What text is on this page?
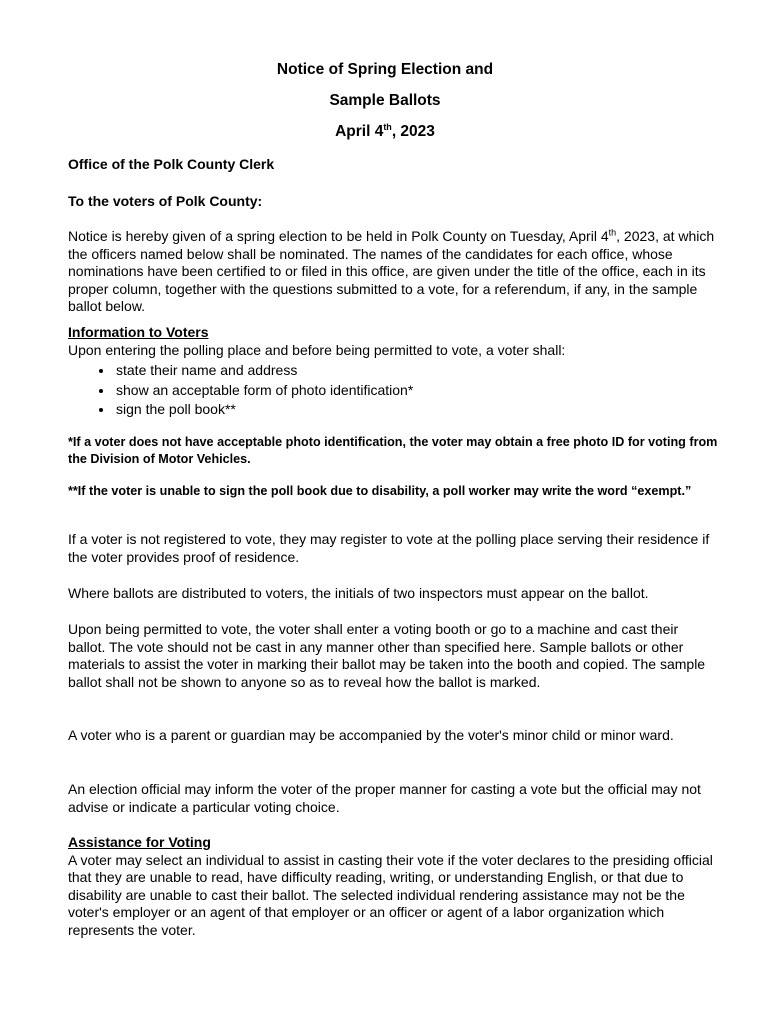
Notice of Spring Election and
Sample Ballots
April 4th, 2023
Office of the Polk County Clerk
To the voters of Polk County:
Notice is hereby given of a spring election to be held in Polk County on Tuesday, April 4th, 2023, at which the officers named below shall be nominated. The names of the candidates for each office, whose nominations have been certified to or filed in this office, are given under the title of the office, each in its proper column, together with the questions submitted to a vote, for a referendum, if any, in the sample ballot below.
Information to Voters
Upon entering the polling place and before being permitted to vote, a voter shall:
• state their name and address
• show an acceptable form of photo identification*
• sign the poll book**
*If a voter does not have acceptable photo identification, the voter may obtain a free photo ID for voting from the Division of Motor Vehicles.
**If the voter is unable to sign the poll book due to disability, a poll worker may write the word “exempt.”
If a voter is not registered to vote, they may register to vote at the polling place serving their residence if the voter provides proof of residence.
Where ballots are distributed to voters, the initials of two inspectors must appear on the ballot.
Upon being permitted to vote, the voter shall enter a voting booth or go to a machine and cast their ballot. The vote should not be cast in any manner other than specified here. Sample ballots or other materials to assist the voter in marking their ballot may be taken into the booth and copied. The sample ballot shall not be shown to anyone so as to reveal how the ballot is marked.
A voter who is a parent or guardian may be accompanied by the voter's minor child or minor ward.
An election official may inform the voter of the proper manner for casting a vote but the official may not advise or indicate a particular voting choice.
Assistance for Voting
A voter may select an individual to assist in casting their vote if the voter declares to the presiding official that they are unable to read, have difficulty reading, writing, or understanding English, or that due to disability are unable to cast their ballot. The selected individual rendering assistance may not be the voter's employer or an agent of that employer or an officer or agent of a labor organization which represents the voter.
